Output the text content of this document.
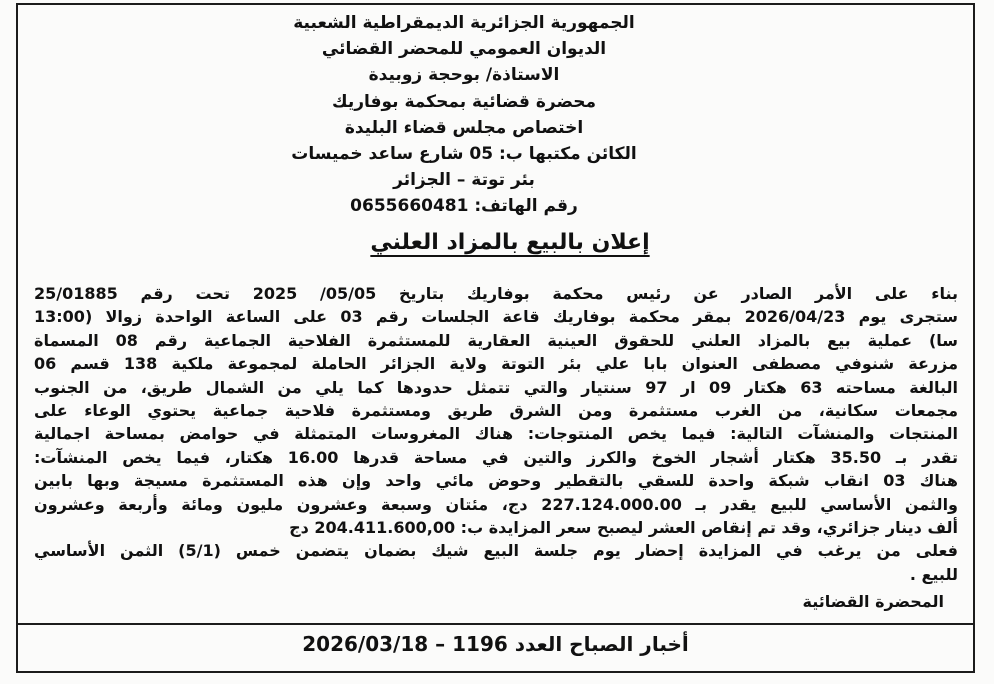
الجمهورية الجزائرية الديمقراطية الشعبية
الديوان العمومي للمحضر القضائي
الاستاذة/ بوحجة زوبيدة
محضرة قضائية بمحكمة بوفاريك
اختصاص مجلس قضاء البليدة
الكائن مكتبها ب: 05 شارع ساعد خميسات
بئر توتة – الجزائر
رقم الهاتف: 0655660481
إعلان بالبيع بالمزاد العلني
بناء على الأمر الصادر عن رئيس محكمة بوفاريك بتاريخ 05/05/ 2025 تحت رقم 25/01885
ستجرى يوم 2026/04/23 بمقر محكمة بوفاريك قاعة الجلسات رقم 03 على الساعة الواحدة زوالا (13:00
سا) عملية بيع بالمزاد العلني للحقوق العينية العقارية للمستثمرة الفلاحية الجماعية رقم 08 المسماة
مزرعة شنوفي مصطفى العنوان بابا علي بئر التوتة ولاية الجزائر الحاملة لمجموعة ملكية 138 قسم 06
البالغة مساحته 63 هكتار 09 ار 97 سنتيار والتي تتمثل حدودها كما يلي من الشمال طريق، من الجنوب
مجمعات سكانية، من الغرب مستثمرة ومن الشرق طريق ومستثمرة فلاحية جماعية يحتوي الوعاء على
المنتجات والمنشآت التالية: فيما يخص المنتوجات: هناك المغروسات المتمثلة في حوامض بمساحة اجمالية
تقدر بـ 35.50 هكتار أشجار الخوخ والكرز والتين في مساحة قدرها 16.00 هكتار، فيما يخص المنشآت:
هناك 03 انقاب شبكة واحدة للسقي بالتقطير وحوض مائي واحد وإن هذه المستثمرة مسيجة وبها بابين
والثمن الأساسي للبيع يقدر بـ 227.124.000.00 دج، مئتان وسبعة وعشرون مليون ومائة وأربعة وعشرون
ألف دينار جزائري، وقد تم إنقاص العشر ليصبح سعر المزايدة ب: 204.411.600,00 دج
فعلى من يرغب في المزايدة إحضار يوم جلسة البيع شيك بضمان يتضمن خمس (5/1) الثمن الأساسي
للبيع .
المحضرة القضائية
أخبار الصباح العدد 1196 – 2026/03/18
